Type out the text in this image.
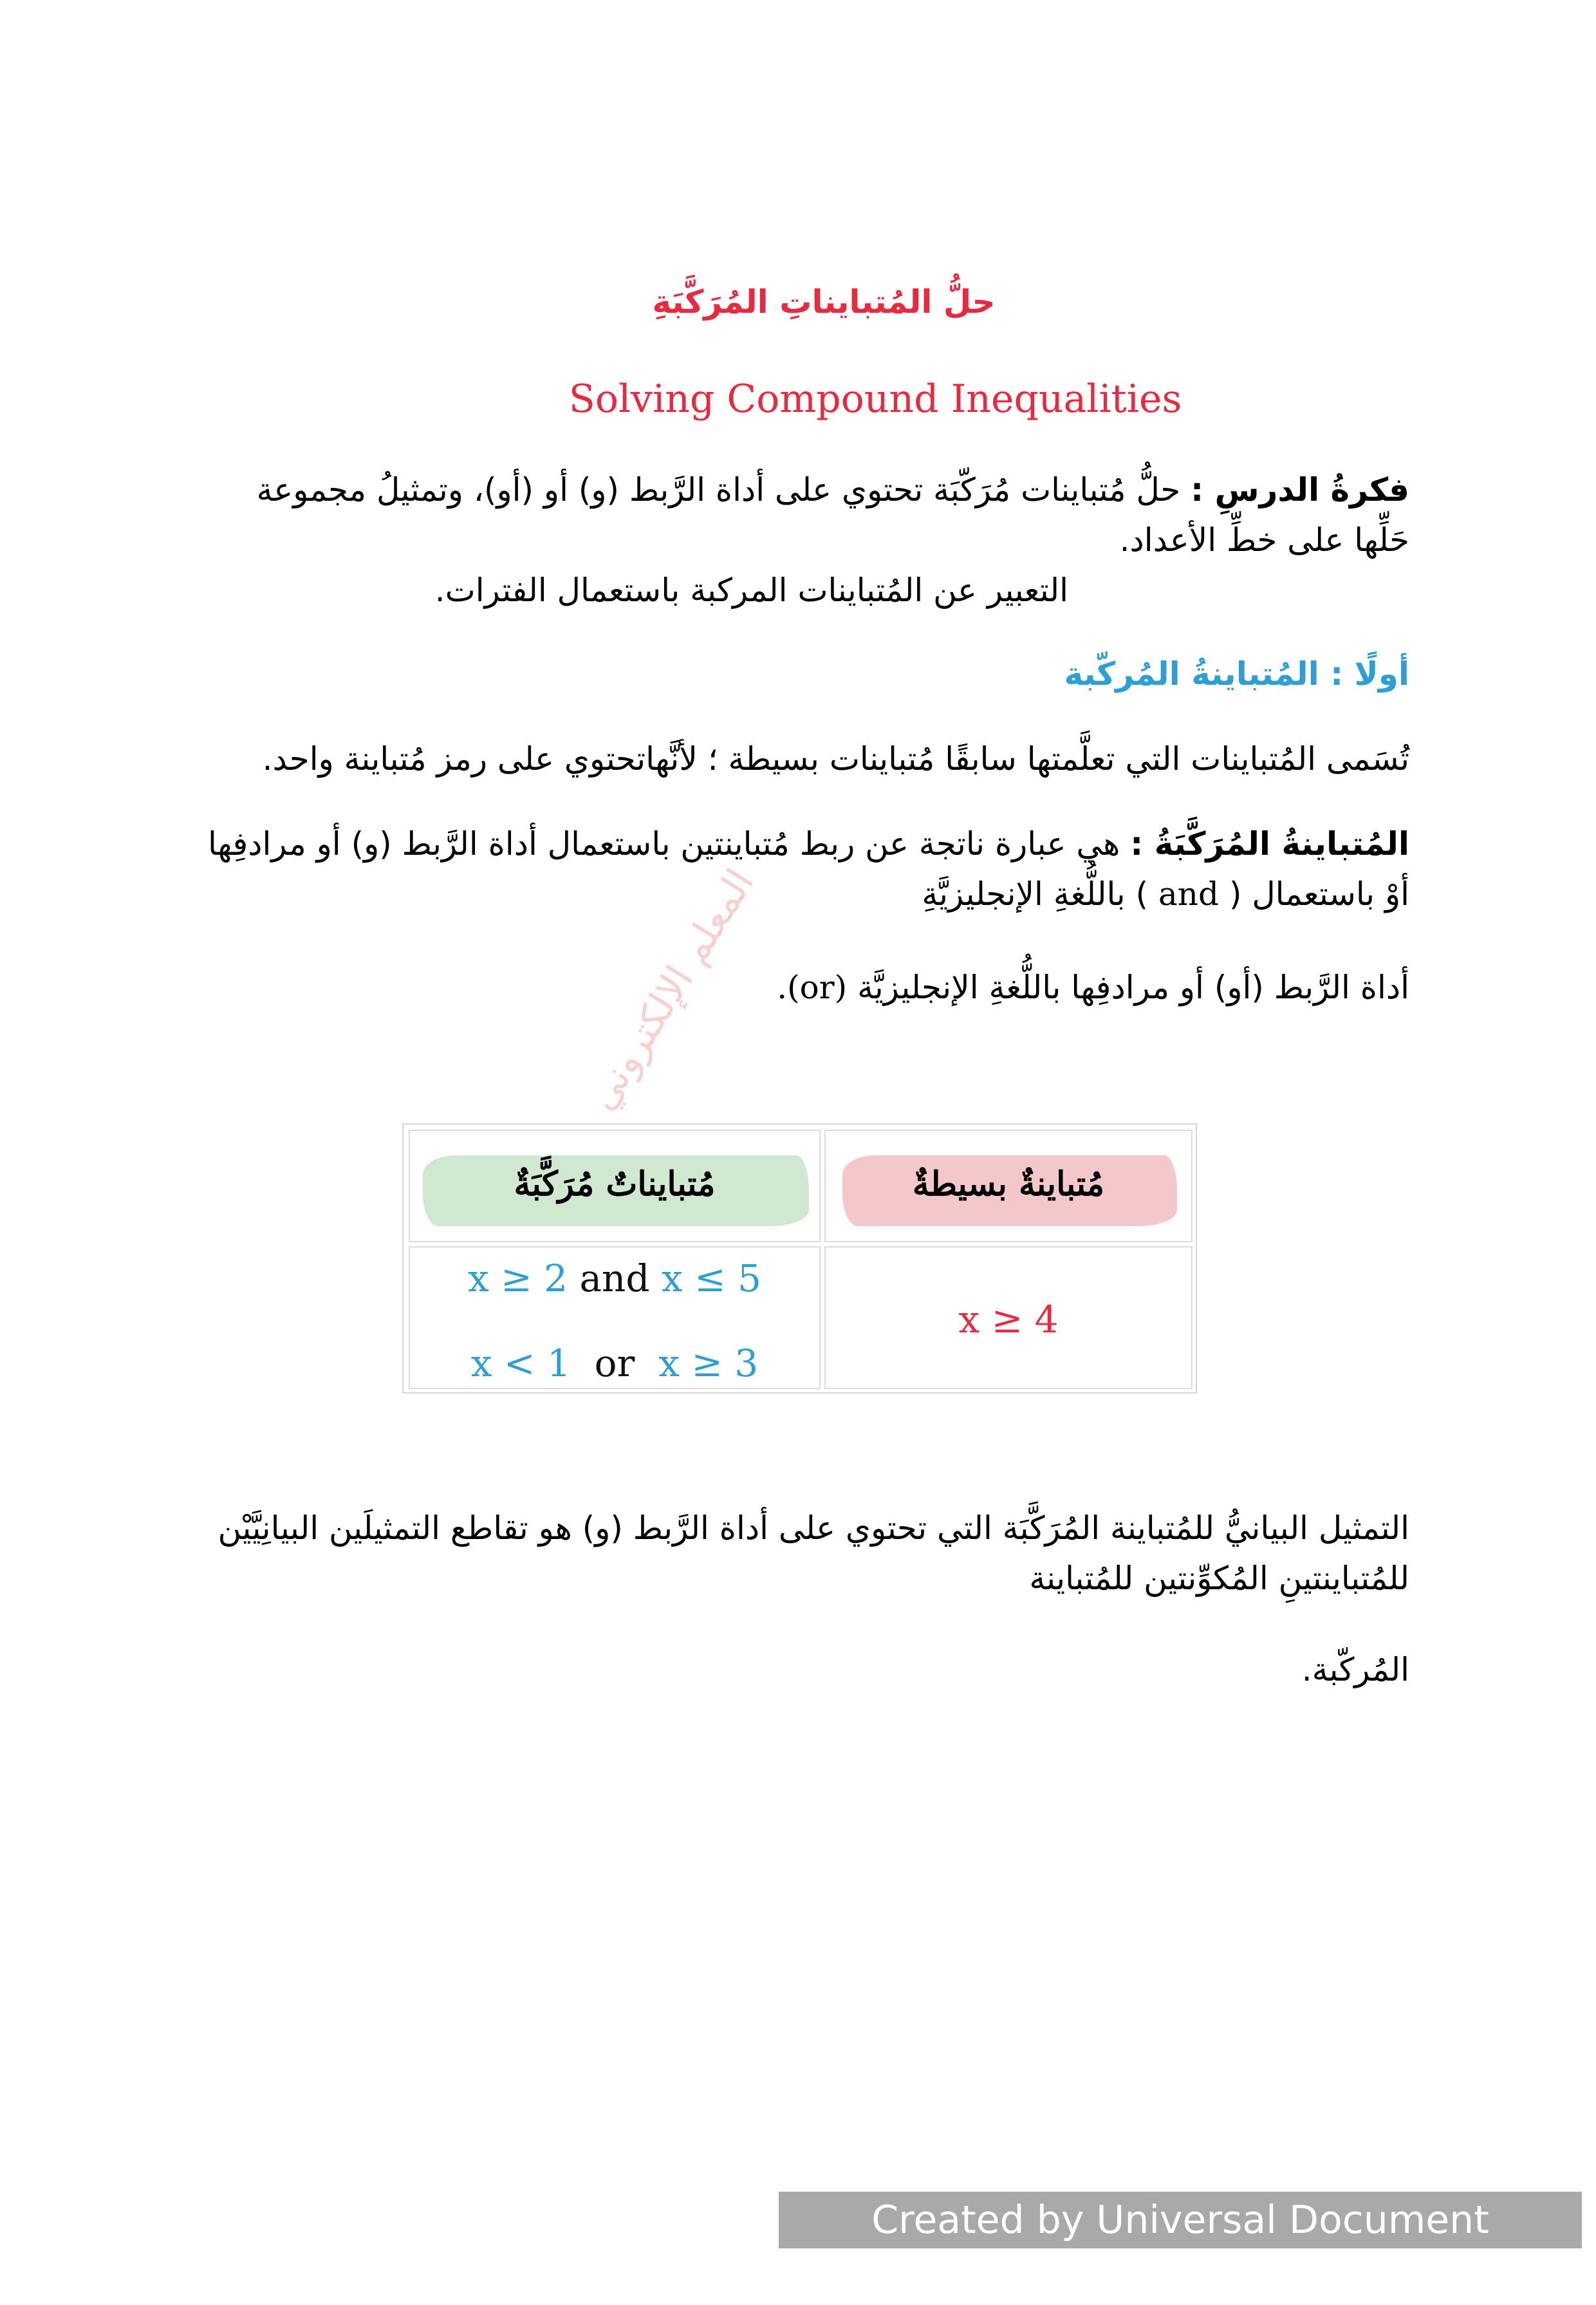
حلُّ المُتبايناتِ المُرَكَّبَةِ
Solving Compound Inequalities
فكرةُ الدرسِ : حلُّ مُتباينات مُرَكّبَة تحتوي على أداة الرَّبط (و) أو (أو)، وتمثيلُ مجموعة
حَلِّها على خطِّ الأعداد.
التعبير عن المُتباينات المركبة باستعمال الفترات.
أولًا : المُتباينةُ المُركّبة
تُسَمى المُتباينات التي تعلَّمتها سابقًا مُتباينات بسيطة ؛ لأنَّهاتحتوي على رمز مُتباينة واحد.
المُتباينةُ المُرَكَّبَةُ : هي عبارة ناتجة عن ربط مُتباينتين باستعمال أداة الرَّبط (و) أو مرادفِها
أوْ باستعمال ( and ) باللُّغةِ الإنجليزيَّةِ
أداة الرَّبط (أو) أو مرادفِها باللُّغةِ الإنجليزيَّة (or).
المعلم الإلكتروني
مُتبايناتٌ مُرَكَّبَةٌ	مُتباينةٌ بسيطةٌ
x ≥ 2 and x ≤ 5
x < 1 or x ≥ 3
x ≥ 4
التمثيل البيانيُّ للمُتباينة المُرَكَّبَة التي تحتوي على أداة الرَّبط (و) هو تقاطع التمثيلَين البيانِيَّيْن
للمُتباينتينِ المُكوِّنتين للمُتباينة
المُركّبة.
Created by Universal Document Converter
